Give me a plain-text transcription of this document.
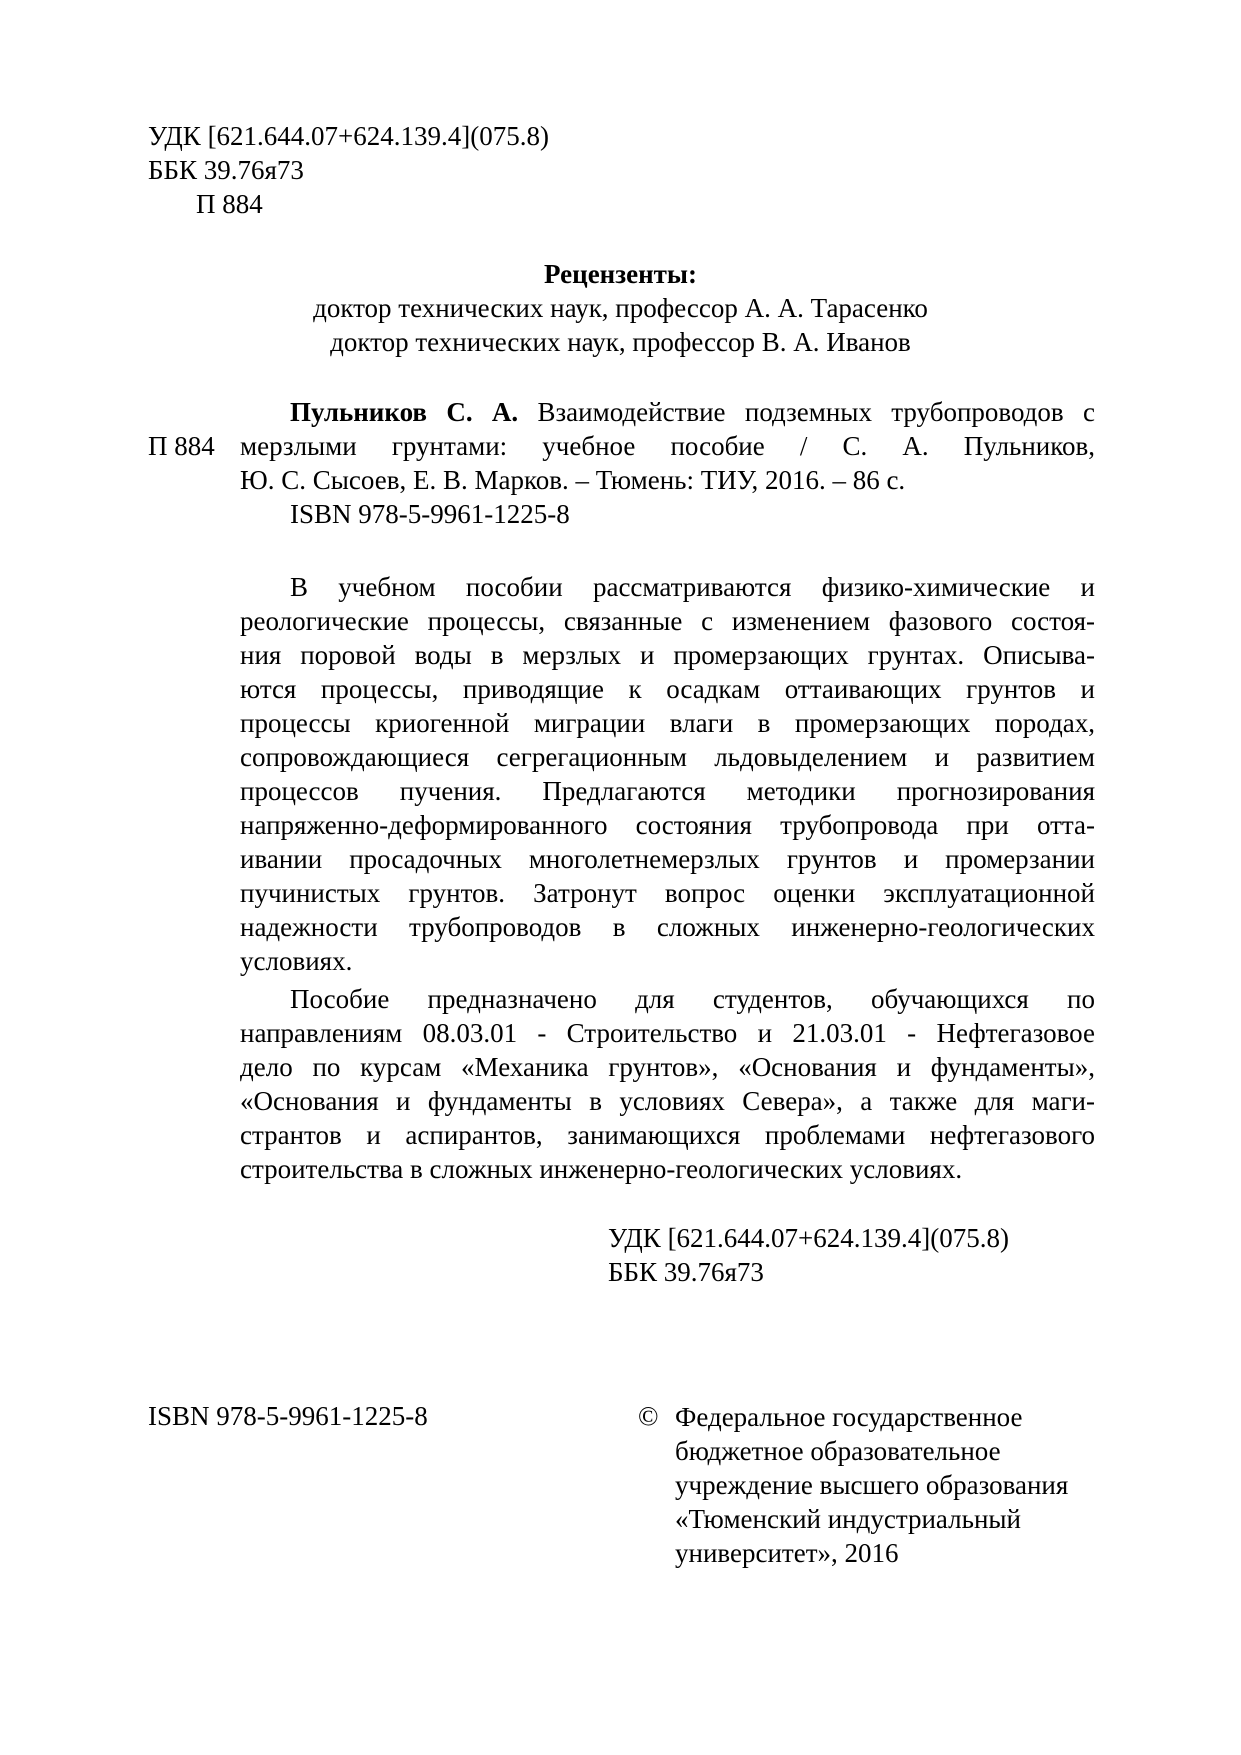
УДК [621.644.07+624.139.4](075.8)
ББК 39.76я73
П 884
Рецензенты:
доктор технических наук, профессор А. А. Тарасенко
доктор технических наук, профессор В. А. Иванов
П 884
Пульников С. А. Взаимодействие подземных трубопроводов с
мерзлыми грунтами: учебное пособие / С. А. Пульников,
Ю. С. Сысоев, Е. В. Марков. – Тюмень: ТИУ, 2016. – 86 с.
ISBN 978-5-9961-1225-8
В учебном пособии рассматриваются физико-химические и
реологические процессы, связанные с изменением фазового состоя-
ния поровой воды в мерзлых и промерзающих грунтах. Описыва-
ются процессы, приводящие к осадкам оттаивающих грунтов и
процессы криогенной миграции влаги в промерзающих породах,
сопровождающиеся сегрегационным льдовыделением и развитием
процессов пучения. Предлагаются методики прогнозирования
напряженно-деформированного состояния трубопровода при отта-
ивании просадочных многолетнемерзлых грунтов и промерзании
пучинистых грунтов. Затронут вопрос оценки эксплуатационной
надежности трубопроводов в сложных инженерно-геологических
условиях.
Пособие предназначено для студентов, обучающихся по
направлениям 08.03.01 - Строительство и 21.03.01 - Нефтегазовое
дело по курсам «Механика грунтов», «Основания и фундаменты»,
«Основания и фундаменты в условиях Севера», а также для маги-
странтов и аспирантов, занимающихся проблемами нефтегазового
строительства в сложных инженерно-геологических условиях.
УДК [621.644.07+624.139.4](075.8)
ББК 39.76я73
ISBN 978-5-9961-1225-8	© Федеральное государственное
бюджетное образовательное
учреждение высшего образования
«Тюменский индустриальный
университет», 2016
